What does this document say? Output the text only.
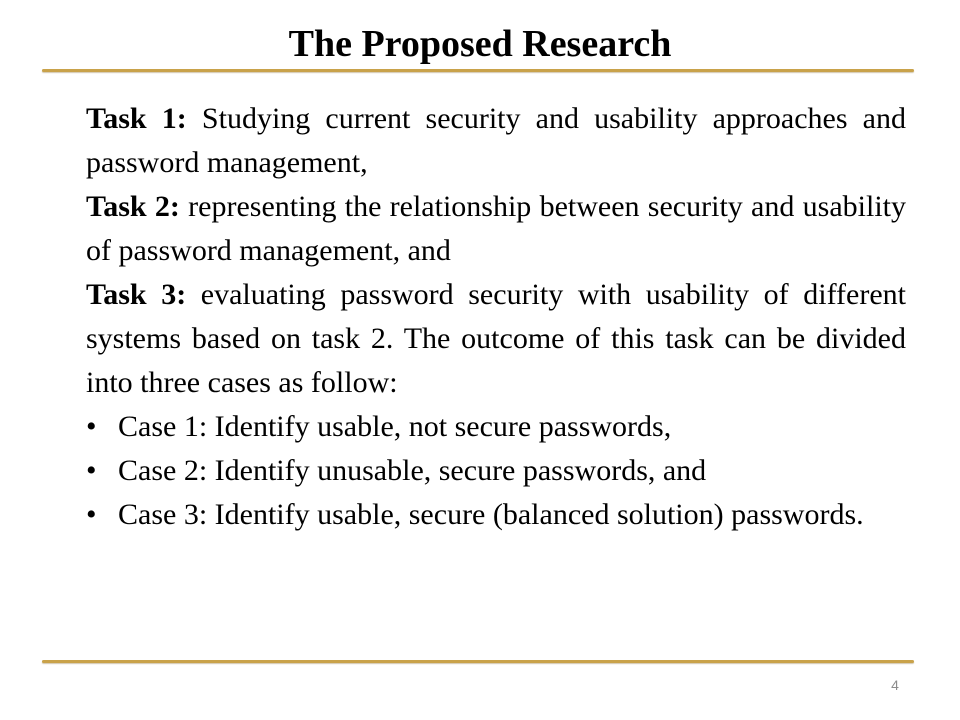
The Proposed Research

Task 1: Studying current security and usability approaches and password management,

Task 2: representing the relationship between security and usability of password management, and

Task 3: evaluating password security with usability of different systems based on task 2. The outcome of this task can be divided into three cases as follow:

• Case 1: Identify usable, not secure passwords,
• Case 2: Identify unusable, secure passwords, and
• Case 3: Identify usable, secure (balanced solution) passwords.
4
